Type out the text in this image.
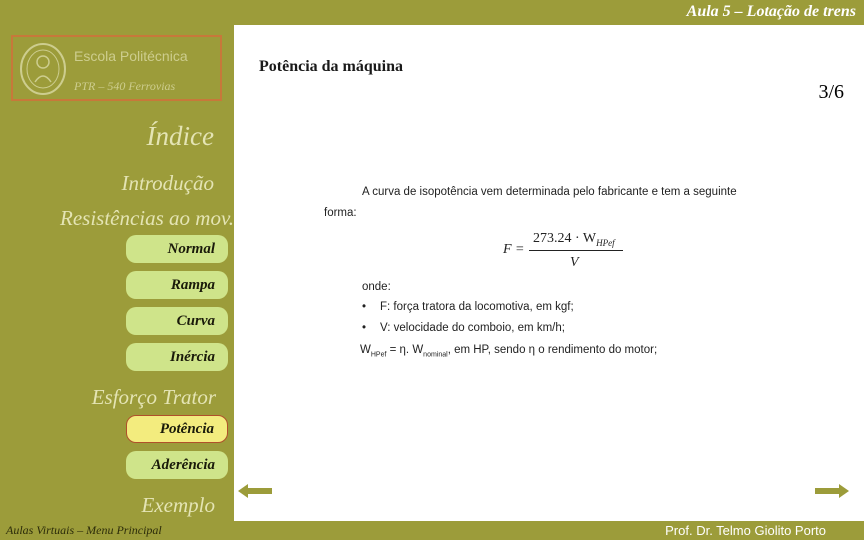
Aula 5 – Lotação de trens
Escola Politécnica
PTR – 540 Ferrovias
Índice
Introdução
Resistências ao mov.
Normal
Rampa
Curva
Inércia
Esforço Trator
Potência
Aderência
Exemplo
Potência da máquina
3/6
A curva de isopotência vem determinada pelo fabricante e tem a seguinte
forma:
F =
$273.24 \cdot W_{HPef}$
V
onde:
• F: força tratora da locomotiva, em kgf;
• V: velocidade do comboio, em km/h;
$W_{HPef} = \eta$. $W_{nominal}$, em HP, sendo η o rendimento do motor;
Aulas Virtuais – Menu Principal	Prof. Dr. Telmo Giolito Porto
